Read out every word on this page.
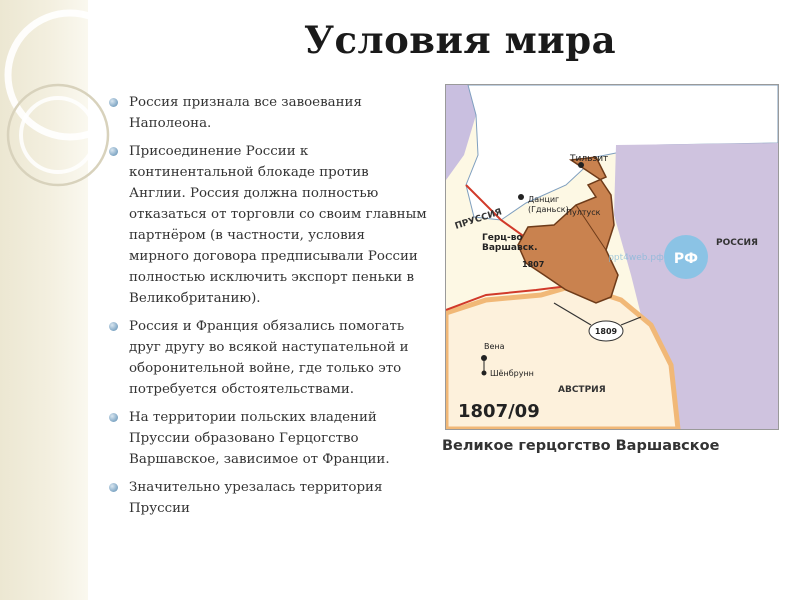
Условия мира
Россия признала все завоевания Наполеона.
Присоединение России к континентальной блокаде против Англии. Россия должна полностью отказаться от торговли со своим главным партнёром (в частности, условия мирного договора предписывали России полностью исключить экспорт пеньки в Великобританию).
Россия и Франция обязались помогать друг другу во всякой наступательной и оборонительной войне, где только это потребуется обстоятельствами.
На территории польских владений Пруссии образовано Герцогство Варшавское, зависимое от Франции.
Значительно урезалась территория Пруссии
РФ
ppt4web.рф
Тильзит
ПРУССИЯ
Данциг
(Гданьск)
Пултуск
Герц-во
Варшавск.
1807
РОССИЯ
1809
Вена
Шёнбрунн
АВСТРИЯ
1807/09
Великое герцогство Варшавское
